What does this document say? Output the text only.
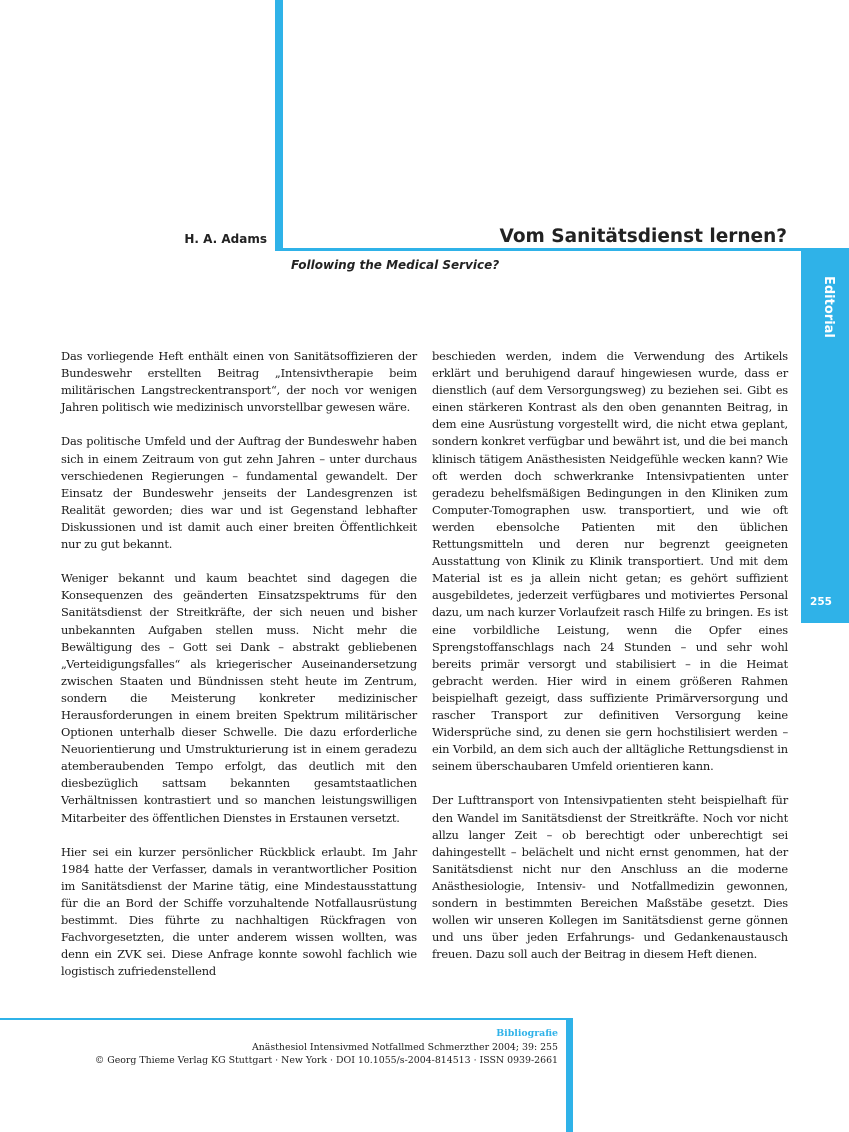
H. A. Adams	Vom Sanitätsdienst lernen?
Following the Medical Service?
Editorial
255

Das vorliegende Heft enthält einen von Sanitätsoffizieren der Bundeswehr erstellten Beitrag „Intensivtherapie beim militärischen Langstreckentransport“, der noch vor wenigen Jahren politisch wie medizinisch unvorstellbar gewesen wäre.

Das politische Umfeld und der Auftrag der Bundeswehr haben sich in einem Zeitraum von gut zehn Jahren – unter durchaus verschiedenen Regierungen – fundamental gewandelt. Der Einsatz der Bundeswehr jenseits der Landesgrenzen ist Realität geworden; dies war und ist Gegenstand lebhafter Diskussionen und ist damit auch einer breiten Öffentlichkeit nur zu gut bekannt.

Weniger bekannt und kaum beachtet sind dagegen die Konsequenzen des geänderten Einsatzspektrums für den Sanitätsdienst der Streitkräfte, der sich neuen und bisher unbekannten Aufgaben stellen muss. Nicht mehr die Bewältigung des – Gott sei Dank – abstrakt gebliebenen „Verteidigungsfalles“ als kriegerischer Auseinandersetzung zwischen Staaten und Bündnissen steht heute im Zentrum, sondern die Meisterung konkreter medizinischer Herausforderungen in einem breiten Spektrum militärischer Optionen unterhalb dieser Schwelle. Die dazu erforderliche Neuorientierung und Umstrukturierung ist in einem geradezu atemberaubenden Tempo erfolgt, das deutlich mit den diesbezüglich sattsam bekannten gesamtstaatlichen Verhältnissen kontrastiert und so manchen leistungswilligen Mitarbeiter des öffentlichen Dienstes in Erstaunen versetzt.

Hier sei ein kurzer persönlicher Rückblick erlaubt. Im Jahr 1984 hatte der Verfasser, damals in verantwortlicher Position im Sanitätsdienst der Marine tätig, eine Mindestausstattung für die an Bord der Schiffe vorzuhaltende Notfallausrüstung bestimmt. Dies führte zu nachhaltigen Rückfragen von Fachvorgesetzten, die unter anderem wissen wollten, was denn ein ZVK sei. Diese Anfrage konnte sowohl fachlich wie logistisch zufriedenstellend

beschieden werden, indem die Verwendung des Artikels erklärt und beruhigend darauf hingewiesen wurde, dass er dienstlich (auf dem Versorgungsweg) zu beziehen sei. Gibt es einen stärkeren Kontrast als den oben genannten Beitrag, in dem eine Ausrüstung vorgestellt wird, die nicht etwa geplant, sondern konkret verfügbar und bewährt ist, und die bei manch klinisch tätigem Anästhesisten Neidgefühle wecken kann? Wie oft werden doch schwerkranke Intensivpatienten unter geradezu behelfsmäßigen Bedingungen in den Kliniken zum Computer-Tomographen usw. transportiert, und wie oft werden ebensolche Patienten mit den üblichen Rettungsmitteln und deren nur begrenzt geeigneten Ausstattung von Klinik zu Klinik transportiert. Und mit dem Material ist es ja allein nicht getan; es gehört suffizient ausgebildetes, jederzeit verfügbares und motiviertes Personal dazu, um nach kurzer Vorlaufzeit rasch Hilfe zu bringen. Es ist eine vorbildliche Leistung, wenn die Opfer eines Sprengstoffanschlags nach 24 Stunden – und sehr wohl bereits primär versorgt und stabilisiert – in die Heimat gebracht werden. Hier wird in einem größeren Rahmen beispielhaft gezeigt, dass suffiziente Primärversorgung und rascher Transport zur definitiven Versorgung keine Widersprüche sind, zu denen sie gern hochstilisiert werden – ein Vorbild, an dem sich auch der alltägliche Rettungsdienst in seinem überschaubaren Umfeld orientieren kann.

Der Lufttransport von Intensivpatienten steht beispielhaft für den Wandel im Sanitätsdienst der Streitkräfte. Noch vor nicht allzu langer Zeit – ob berechtigt oder unberechtigt sei dahingestellt – belächelt und nicht ernst genommen, hat der Sanitätsdienst nicht nur den Anschluss an die moderne Anästhesiologie, Intensiv- und Notfallmedizin gewonnen, sondern in bestimmten Bereichen Maßstäbe gesetzt. Dies wollen wir unseren Kollegen im Sanitätsdienst gerne gönnen und uns über jeden Erfahrungs- und Gedankenaustausch freuen. Dazu soll auch der Beitrag in diesem Heft dienen.

Bibliografie
Anästhesiol Intensivmed Notfallmed Schmerzther 2004; 39: 255
© Georg Thieme Verlag KG Stuttgart · New York · DOI 10.1055/s-2004-814513 · ISSN 0939-2661
